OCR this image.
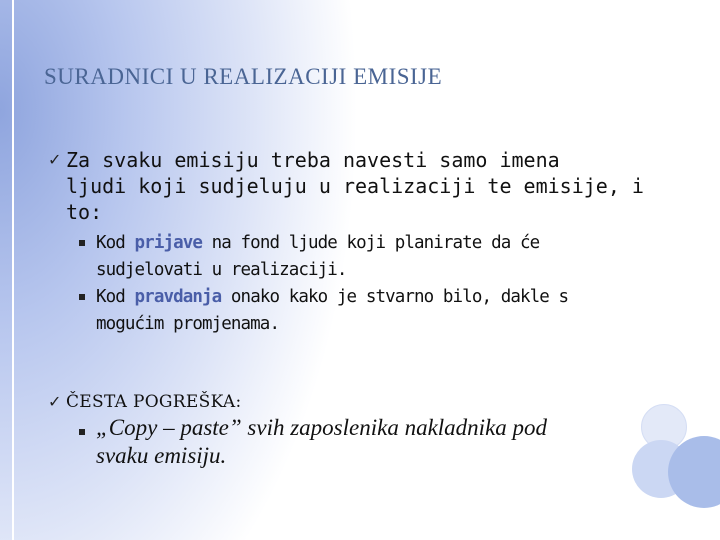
SURADNICI U REALIZACIJI EMISIJE
✓ Za svaku emisiju treba navesti samo imena
ljudi koji sudjeluju u realizaciji te emisije, i
to:
Kod prijave na fond ljude koji planirate da će
sudjelovati u realizaciji.
Kod pravdanja onako kako je stvarno bilo, dakle s
mogućim promjenama.
✓ ČESTA POGREŠKA:
„Copy – paste” svih zaposlenika nakladnika pod
svaku emisiju.
